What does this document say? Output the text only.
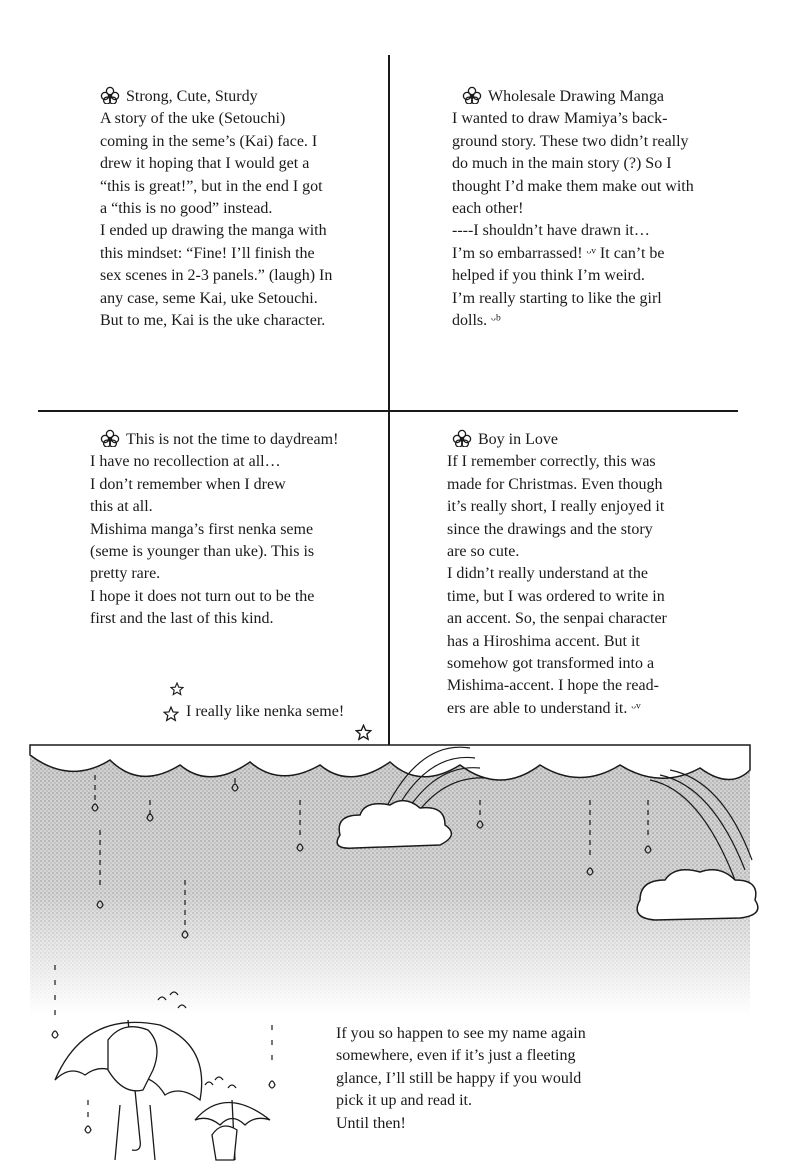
Strong, Cute, Sturdy
A story of the uke (Setouchi)
coming in the seme’s (Kai) face. I
drew it hoping that I would get a
“this is great!”, but in the end I got
a “this is no good” instead.
I ended up drawing the manga with
this mindset: “Fine! I’ll finish the
sex scenes in 2-3 panels.” (laugh) In
any case, seme Kai, uke Setouchi.
But to me, Kai is the uke character.
Wholesale Drawing Manga
I wanted to draw Mamiya’s back-
ground story. These two didn’t really
do much in the main story (?) So I
thought I’d make them make out with
each other!
----I shouldn’t have drawn it…
I’m so embarrassed! ᵕᵛ It can’t be
helped if you think I’m weird.
I’m really starting to like the girl
dolls. ᵕᵇ
This is not the time to daydream!
I have no recollection at all…
I don’t remember when I drew
this at all.
Mishima manga’s first nenka seme
(seme is younger than uke). This is
pretty rare.
I hope it does not turn out to be the
first and the last of this kind.
I really like nenka seme!
Boy in Love
If I remember correctly, this was
made for Christmas. Even though
it’s really short, I really enjoyed it
since the drawings and the story
are so cute.
I didn’t really understand at the
time, but I was ordered to write in
an accent. So, the senpai character
has a Hiroshima accent. But it
somehow got transformed into a
Mishima-accent. I hope the read-
ers are able to understand it. ᵕᵛ
If you so happen to see my name again
somewhere, even if it’s just a fleeting
glance, I’ll still be happy if you would
pick it up and read it.
Until then!
